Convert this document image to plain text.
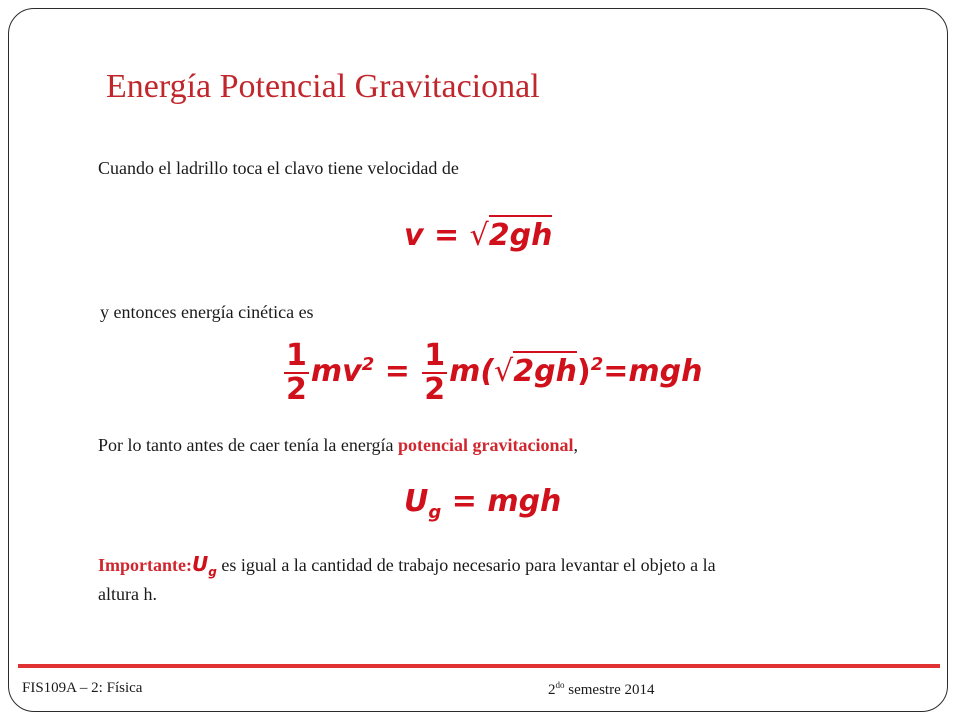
Energía Potencial Gravitacional
Cuando el ladrillo toca el clavo tiene velocidad de
v = √2gh
y entonces energía cinética es
$\frac{1}{2} mv^2 = \frac{1}{2} m(√2gh)^2=mgh$
Por lo tanto antes de caer tenía la energía potencial gravitacional,
$U_g$ = mgh
$Importante:U_g$ es igual a la cantidad de trabajo necesario para levantar el objeto a la
altura h.
FIS109A – 2: Física	$2^{do}$ semestre 2014
